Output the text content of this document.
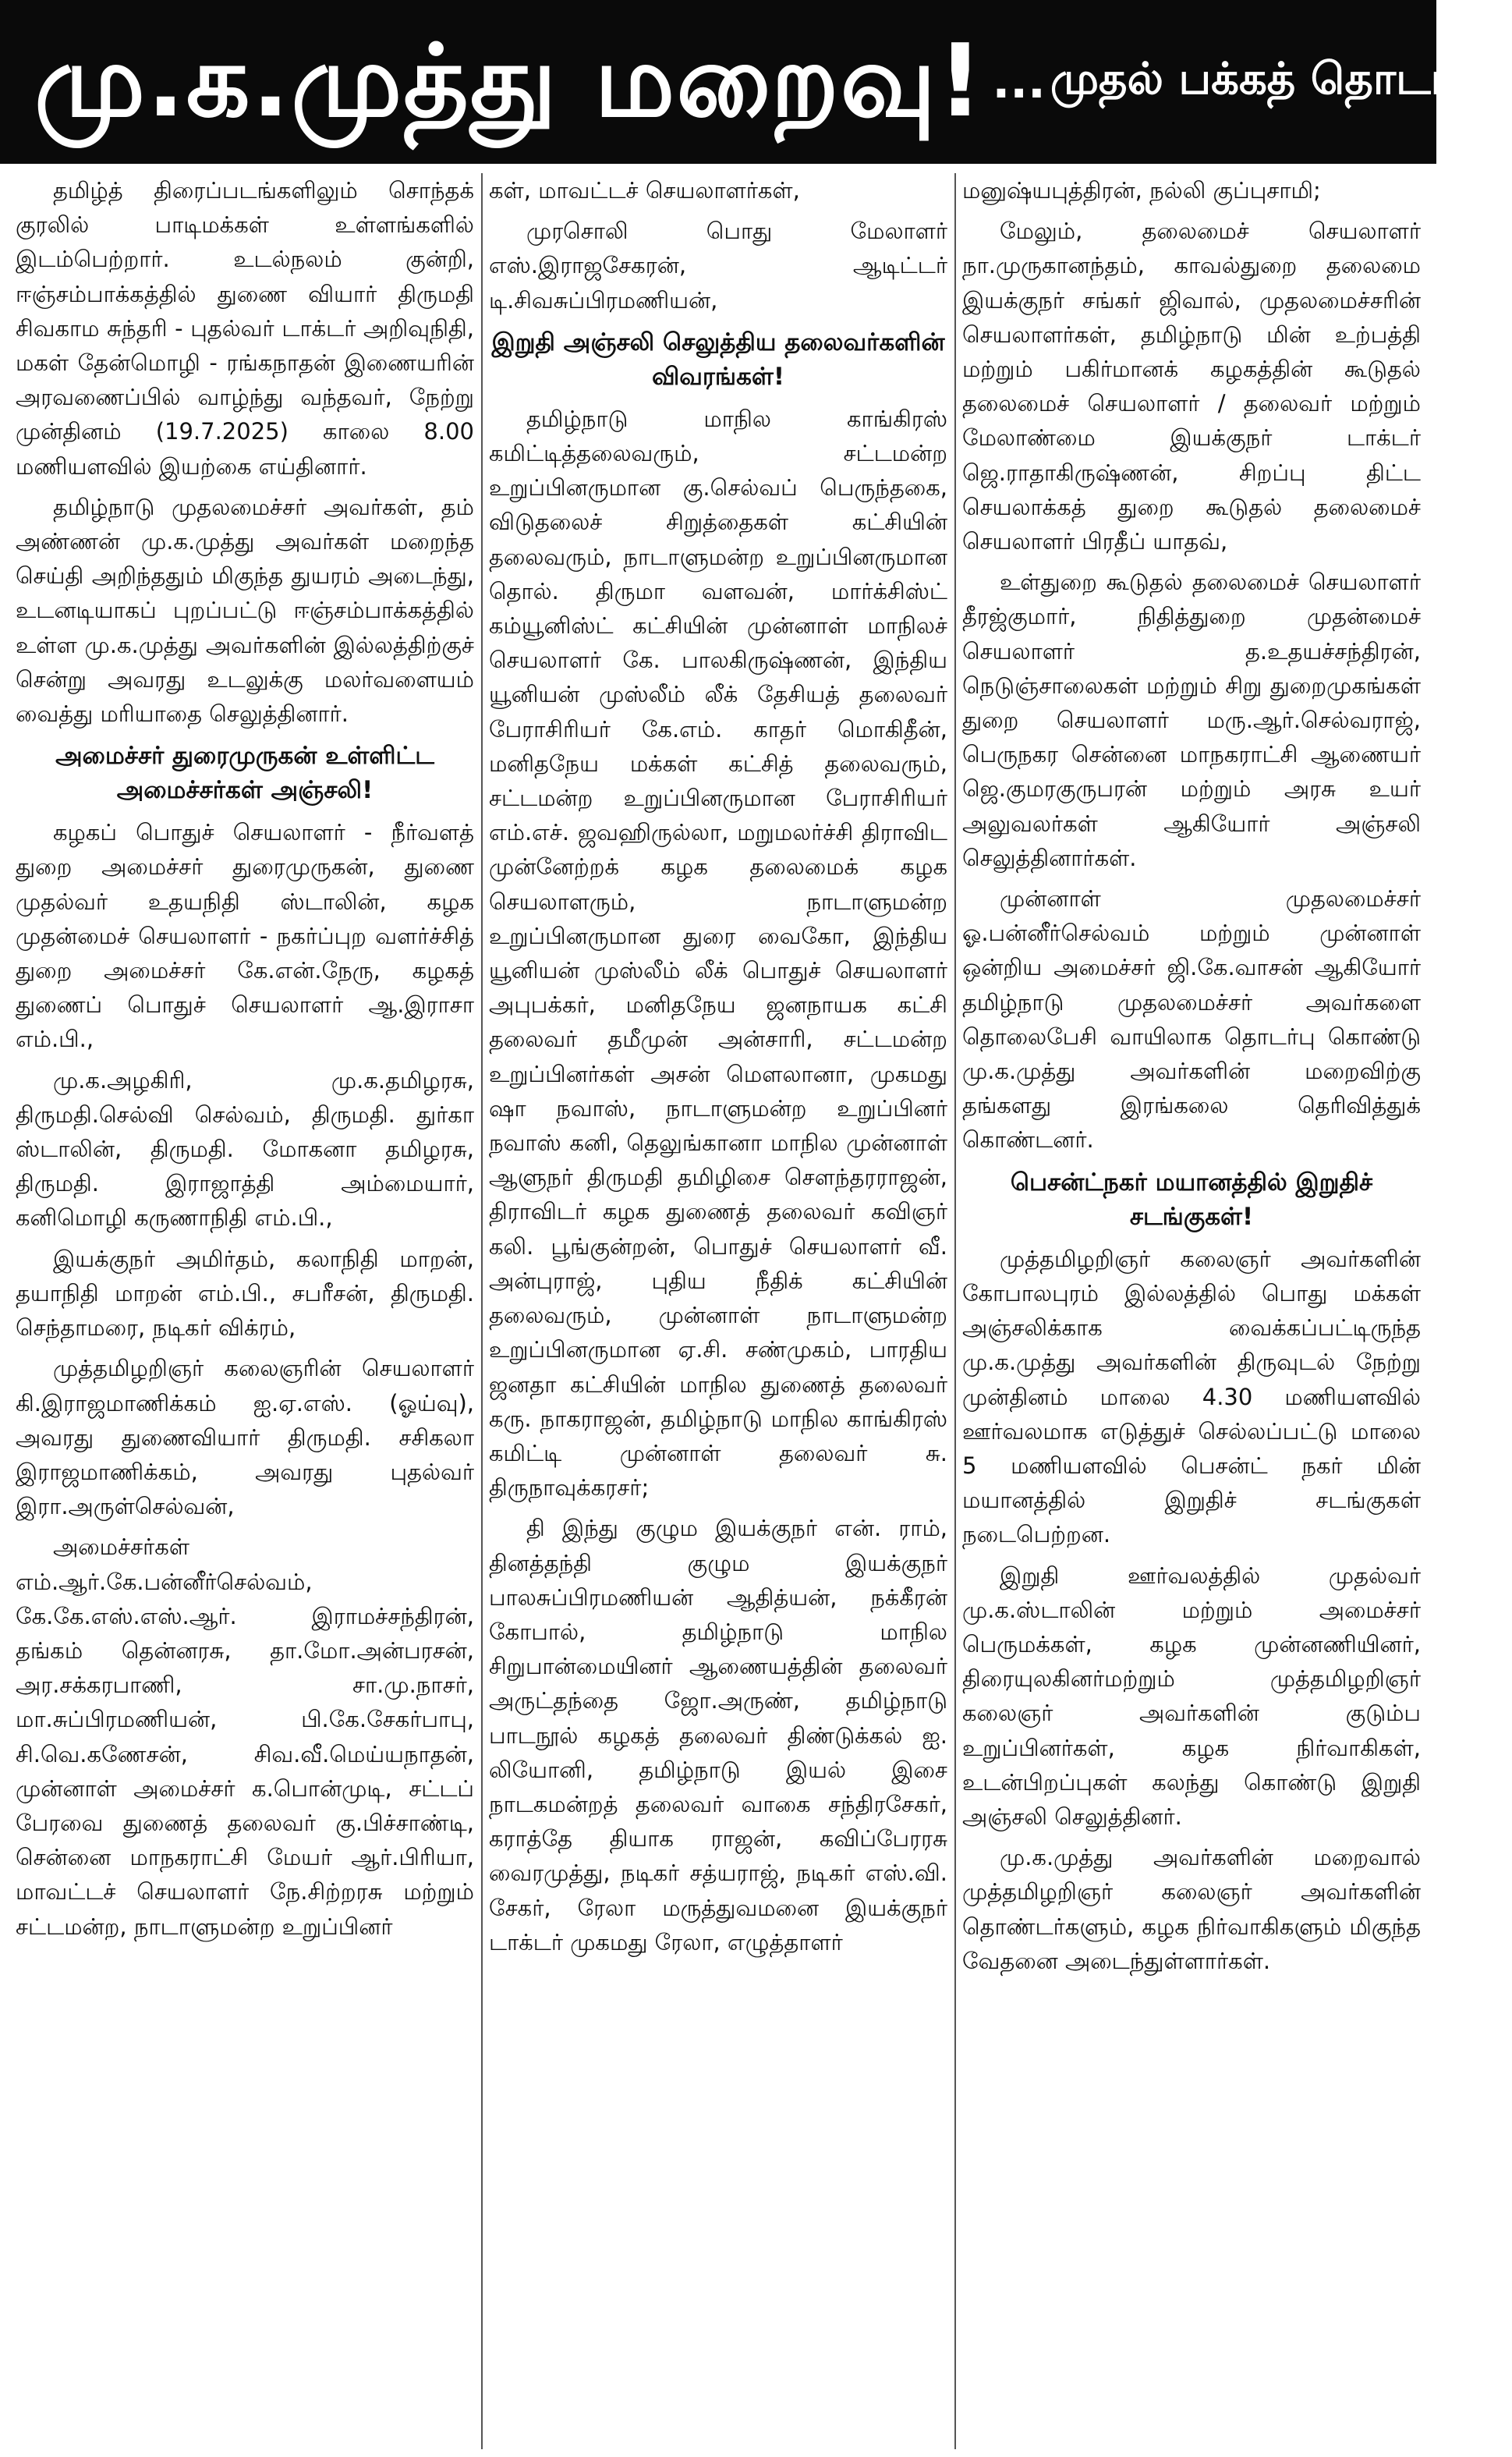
மு.க.முத்து மறைவு! ... முதல் பக்கத் தொடர்ச்சி

தமிழ்த் திரைப்படங்களிலும் சொந்தக் குரலில் பாடிமக்கள் உள்ளங்களில் இடம்பெற்றார். உடல்நலம் குன்றி, ஈஞ்சம்பாக்கத்தில் துணை வியார் திருமதி சிவகாம சுந்தரி - புதல்வர் டாக்டர் அறிவுநிதி, மகள் தேன்மொழி - ரங்கநாதன் இணையரின் அரவணைப்பில் வாழ்ந்து வந்தவர், நேற்று முன்தினம் (19.7.2025) காலை 8.00 மணியளவில் இயற்கை எய்தினார்.

தமிழ்நாடு முதலமைச்சர் அவர்கள், தம் அண்ணன் மு.க.முத்து அவர்கள் மறைந்த செய்தி அறிந்ததும் மிகுந்த துயரம் அடைந்து, உடனடியாகப் புறப்பட்டு ஈஞ்சம்பாக்கத்தில் உள்ள மு.க.முத்து அவர்களின் இல்லத்திற்குச் சென்று அவரது உடலுக்கு மலர்வளையம் வைத்து மரியாதை செலுத்தினார்.

அமைச்சர் துரைமுருகன் உள்ளிட்ட அமைச்சர்கள் அஞ்சலி!

கழகப் பொதுச் செயலாளர் - நீர்வளத் துறை அமைச்சர் துரைமுருகன், துணை முதல்வர் உதயநிதி ஸ்டாலின், கழக முதன்மைச் செயலாளர் - நகர்ப்புற வளர்ச்சித் துறை அமைச்சர் கே.என்.நேரு, கழகத் துணைப் பொதுச் செயலாளர் ஆ.இராசா எம்.பி.,

மு.க.அழகிரி, மு.க.தமிழரசு, திருமதி.செல்வி செல்வம், திருமதி. துர்கா ஸ்டாலின், திருமதி. மோகனா தமிழரசு, திருமதி. இராஜாத்தி அம்மையார், கனிமொழி கருணாநிதி எம்.பி.,

இயக்குநர் அமிர்தம், கலாநிதி மாறன், தயாநிதி மாறன் எம்.பி., சபரீசன், திருமதி. செந்தாமரை, நடிகர் விக்ரம்,

முத்தமிழறிஞர் கலைஞரின் செயலாளர் கி.இராஜமாணிக்கம் ஐ.ஏ.எஸ். (ஓய்வு), அவரது துணைவியார் திருமதி. சசிகலா இராஜமாணிக்கம், அவரது புதல்வர் இரா.அருள்செல்வன்,

அமைச்சர்கள் எம்.ஆர்.கே.பன்னீர்செல்வம், கே.கே.எஸ்.எஸ்.ஆர். இராமச்சந்திரன், தங்கம் தென்னரசு, தா.மோ.அன்பரசன், அர.சக்கரபாணி, சா.மு.நாசர், மா.சுப்பிரமணியன், பி.கே.சேகர்பாபு, சி.வெ.கணேசன், சிவ.வீ.மெய்யநாதன், முன்னாள் அமைச்சர் க.பொன்முடி, சட்டப் பேரவை துணைத் தலைவர் கு.பிச்சாண்டி, சென்னை மாநகராட்சி மேயர் ஆர்.பிரியா, மாவட்டச் செயலாளர் நே.சிற்றரசு மற்றும் சட்டமன்ற, நாடாளுமன்ற உறுப்பினர்

கள், மாவட்டச் செயலாளர்கள்,

முரசொலி பொது மேலாளர் எஸ்.இராஜசேகரன், ஆடிட்டர் டி.சிவசுப்பிரமணியன்,

இறுதி அஞ்சலி செலுத்திய தலைவர்களின் விவரங்கள்!

தமிழ்நாடு மாநில காங்கிரஸ் கமிட்டித்தலைவரும், சட்டமன்ற உறுப்பினருமான கு.செல்வப் பெருந்தகை, விடுதலைச் சிறுத்தைகள் கட்சியின் தலைவரும், நாடாளுமன்ற உறுப்பினருமான தொல். திருமா வளவன், மார்க்சிஸ்ட் கம்யூனிஸ்ட் கட்சியின் முன்னாள் மாநிலச் செயலாளர் கே. பாலகிருஷ்ணன், இந்திய யூனியன் முஸ்லீம் லீக் தேசியத் தலைவர் பேராசிரியர் கே.எம். காதர் மொகிதீன், மனிதநேய மக்கள் கட்சித் தலைவரும், சட்டமன்ற உறுப்பினருமான பேராசிரியர் எம்.எச். ஜவஹிருல்லா, மறுமலர்ச்சி திராவிட முன்னேற்றக் கழக தலைமைக் கழக செயலாளரும், நாடாளுமன்ற உறுப்பினருமான துரை வைகோ, இந்திய யூனியன் முஸ்லீம் லீக் பொதுச் செயலாளர் அபுபக்கர், மனிதநேய ஜனநாயக கட்சி தலைவர் தமீமுன் அன்சாரி, சட்டமன்ற உறுப்பினர்கள் அசன் மௌலானா, முகமது ஷா நவாஸ், நாடாளுமன்ற உறுப்பினர் நவாஸ் கனி, தெலுங்கானா மாநில முன்னாள் ஆளுநர் திருமதி தமிழிசை சௌந்தரராஜன், திராவிடர் கழக துணைத் தலைவர் கவிஞர் கலி. பூங்குன்றன், பொதுச் செயலாளர் வீ. அன்புராஜ், புதிய நீதிக் கட்சியின் தலைவரும், முன்னாள் நாடாளுமன்ற உறுப்பினருமான ஏ.சி. சண்முகம், பாரதிய ஜனதா கட்சியின் மாநில துணைத் தலைவர் கரு. நாகராஜன், தமிழ்நாடு மாநில காங்கிரஸ் கமிட்டி முன்னாள் தலைவர் சு. திருநாவுக்கரசர்;

தி இந்து குழும இயக்குநர் என். ராம், தினத்தந்தி குழும இயக்குநர் பாலசுப்பிரமணியன் ஆதித்யன், நக்கீரன் கோபால், தமிழ்நாடு மாநில சிறுபான்மையினர் ஆணையத்தின் தலைவர் அருட்தந்தை ஜோ.அருண், தமிழ்நாடு பாடநூல் கழகத் தலைவர் திண்டுக்கல் ஐ. லியோனி, தமிழ்நாடு இயல் இசை நாடகமன்றத் தலைவர் வாகை சந்திரசேகர், கராத்தே தியாக ராஜன், கவிப்பேரரசு வைரமுத்து, நடிகர் சத்யராஜ், நடிகர் எஸ்.வி. சேகர், ரேலா மருத்துவமனை இயக்குநர் டாக்டர் முகமது ரேலா, எழுத்தாளர்

மனுஷ்யபுத்திரன், நல்லி குப்புசாமி;

மேலும், தலைமைச் செயலாளர் நா.முருகானந்தம், காவல்துறை தலைமை இயக்குநர் சங்கர் ஜிவால், முதலமைச்சரின் செயலாளர்கள், தமிழ்நாடு மின் உற்பத்தி மற்றும் பகிர்மானக் கழகத்தின் கூடுதல் தலைமைச் செயலாளர் / தலைவர் மற்றும் மேலாண்மை இயக்குநர் டாக்டர் ஜெ.ராதாகிருஷ்ணன், சிறப்பு திட்ட செயலாக்கத் துறை கூடுதல் தலைமைச் செயலாளர் பிரதீப் யாதவ்,

உள்துறை கூடுதல் தலைமைச் செயலாளர் தீரஜ்குமார், நிதித்துறை முதன்மைச் செயலாளர் த.உதயச்சந்திரன், நெடுஞ்சாலைகள் மற்றும் சிறு துறைமுகங்கள் துறை செயலாளர் மரு.ஆர்.செல்வராஜ், பெருநகர சென்னை மாநகராட்சி ஆணையர் ஜெ.குமரகுருபரன் மற்றும் அரசு உயர் அலுவலர்கள் ஆகியோர் அஞ்சலி செலுத்தினார்கள்.

முன்னாள் முதலமைச்சர் ஓ.பன்னீர்செல்வம் மற்றும் முன்னாள் ஒன்றிய அமைச்சர் ஜி.கே.வாசன் ஆகியோர் தமிழ்நாடு முதலமைச்சர் அவர்களை தொலைபேசி வாயிலாக தொடர்பு கொண்டு மு.க.முத்து அவர்களின் மறைவிற்கு தங்களது இரங்கலை தெரிவித்துக் கொண்டனர்.

பெசன்ட்நகர் மயானத்தில் இறுதிச் சடங்குகள்!

முத்தமிழறிஞர் கலைஞர் அவர்களின் கோபாலபுரம் இல்லத்தில் பொது மக்கள் அஞ்சலிக்காக வைக்கப்பட்டிருந்த மு.க.முத்து அவர்களின் திருவுடல் நேற்று முன்தினம் மாலை 4.30 மணியளவில் ஊர்வலமாக எடுத்துச் செல்லப்பட்டு மாலை 5 மணியளவில் பெசன்ட் நகர் மின் மயானத்தில் இறுதிச் சடங்குகள் நடைபெற்றன.

இறுதி ஊர்வலத்தில் முதல்வர் மு.க.ஸ்டாலின் மற்றும் அமைச்சர் பெருமக்கள், கழக முன்னணியினர், திரையுலகினர்மற்றும் முத்தமிழறிஞர் கலைஞர் அவர்களின் குடும்ப உறுப்பினர்கள், கழக நிர்வாகிகள், உடன்பிறப்புகள் கலந்து கொண்டு இறுதி அஞ்சலி செலுத்தினர்.

மு.க.முத்து அவர்களின் மறைவால் முத்தமிழறிஞர் கலைஞர் அவர்களின் தொண்டர்களும், கழக நிர்வாகிகளும் மிகுந்த வேதனை அடைந்துள்ளார்கள்.
